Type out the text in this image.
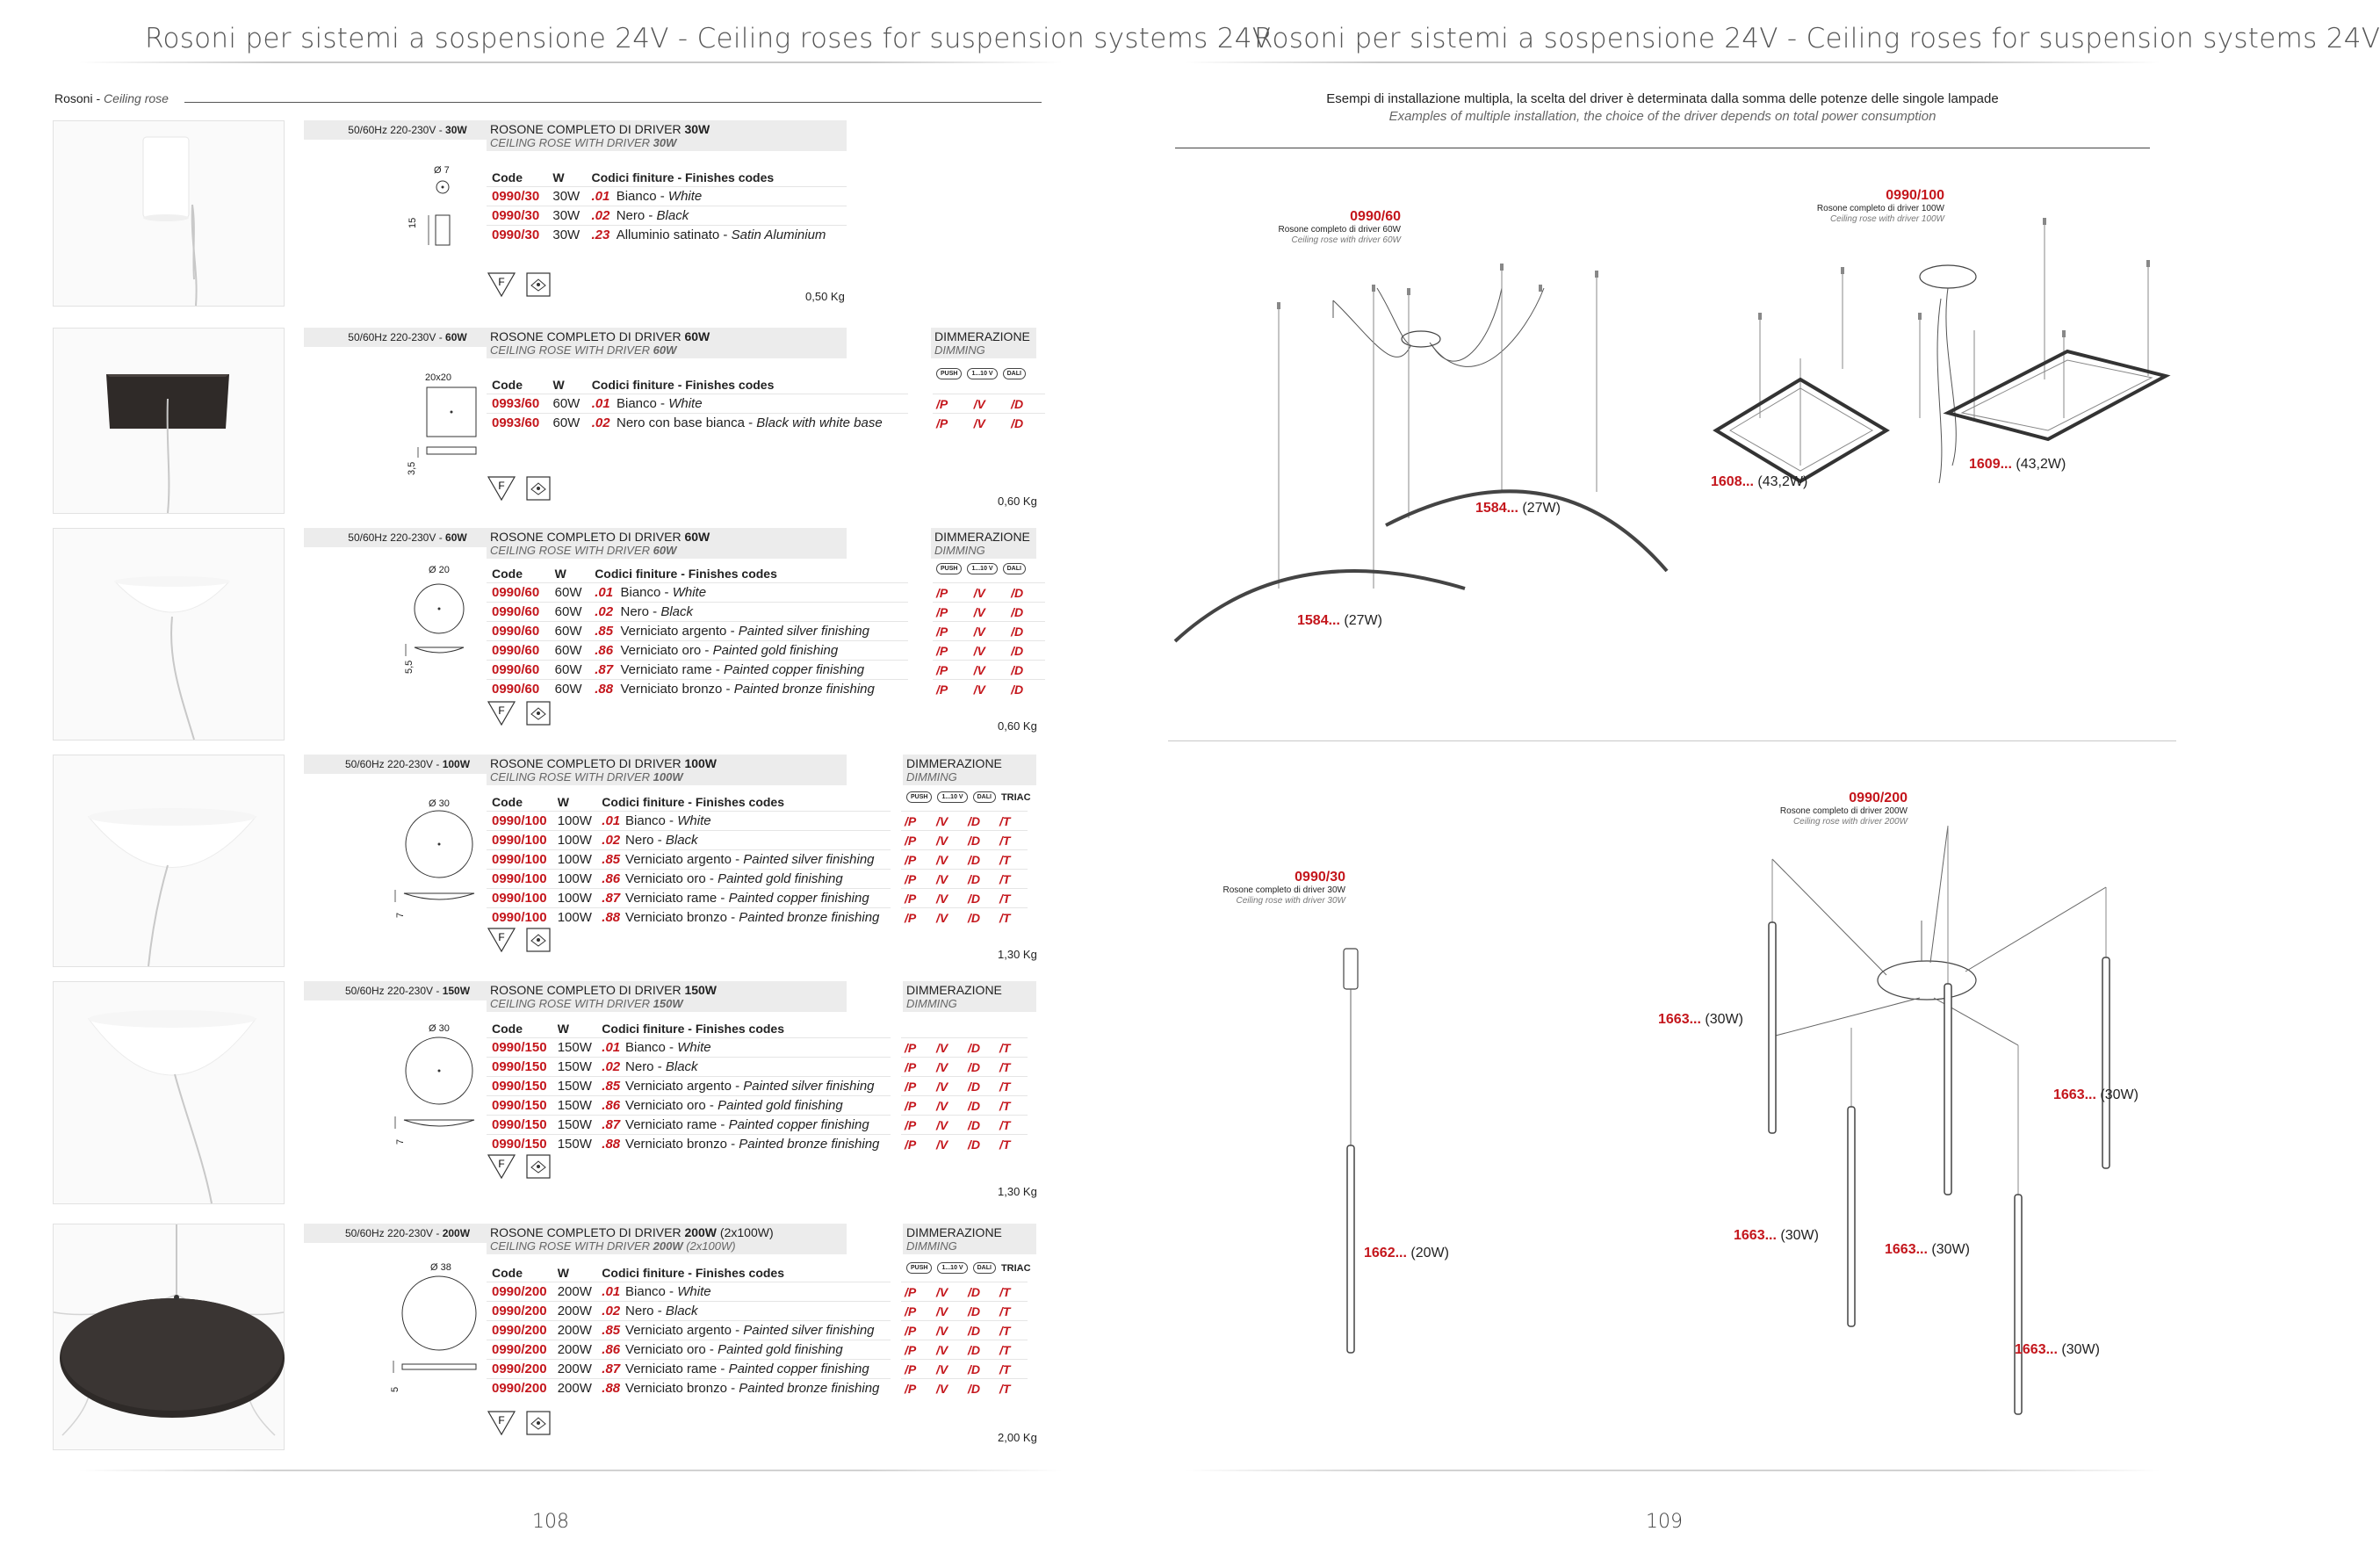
Rosoni per sistemi a sospensione 24V - Ceiling roses for suspension systems 24V
Rosoni - Ceiling rose
50/60Hz 220-230V - 30W
Ø 7
15
ROSONE COMPLETO DI DRIVER 30W
CEILING ROSE WITH DRIVER 30W
Code	W	Codici finiture - Finishes codes	
0990/30	30W	.01	Bianco - White
0990/30	30W	.02	Nero - Black
0990/30	30W	.23	Alluminio satinato - Satin Aluminium
F
0,50 Kg
50/60Hz 220-230V - 60W
20x20
3,5
ROSONE COMPLETO DI DRIVER 60W
CEILING ROSE WITH DRIVER 60W
DIMMERAZIONE
DIMMING
PUSH	1...10 V	DALI
Code	W	Codici finiture - Finishes codes	
0993/60	60W	.01	Bianco - White
0993/60	60W	.02	Nero con base bianca - Black with white base
/P	/V	/D
/P	/V	/D
F
0,60 Kg
50/60Hz 220-230V - 60W
Ø 20
5,5
ROSONE COMPLETO DI DRIVER 60W
CEILING ROSE WITH DRIVER 60W
DIMMERAZIONE
DIMMING
PUSH	1...10 V	DALI
Code	W	Codici finiture - Finishes codes	
0990/60	60W	.01	Bianco - White
0990/60	60W	.02	Nero - Black
0990/60	60W	.85	Verniciato argento - Painted silver finishing
0990/60	60W	.86	Verniciato oro - Painted gold finishing
0990/60	60W	.87	Verniciato rame - Painted copper finishing
0990/60	60W	.88	Verniciato bronzo - Painted bronze finishing
/P	/V	/D
/P	/V	/D
/P	/V	/D
/P	/V	/D
/P	/V	/D
/P	/V	/D
F
0,60 Kg
50/60Hz 220-230V - 100W
Ø 30
7
ROSONE COMPLETO DI DRIVER 100W
CEILING ROSE WITH DRIVER 100W
DIMMERAZIONE
DIMMING
PUSH	1...10 V	DALI	TRIAC
Code	W	Codici finiture - Finishes codes	
0990/100	100W	.01	Bianco - White
0990/100	100W	.02	Nero - Black
0990/100	100W	.85	Verniciato argento - Painted silver finishing
0990/100	100W	.86	Verniciato oro - Painted gold finishing
0990/100	100W	.87	Verniciato rame - Painted copper finishing
0990/100	100W	.88	Verniciato bronzo - Painted bronze finishing
/P	/V	/D	/T
/P	/V	/D	/T
/P	/V	/D	/T
/P	/V	/D	/T
/P	/V	/D	/T
/P	/V	/D	/T
F
1,30 Kg
50/60Hz 220-230V - 150W
Ø 30
7
ROSONE COMPLETO DI DRIVER 150W
CEILING ROSE WITH DRIVER 150W
DIMMERAZIONE
DIMMING
Code	W	Codici finiture - Finishes codes	
0990/150	150W	.01	Bianco - White
0990/150	150W	.02	Nero - Black
0990/150	150W	.85	Verniciato argento - Painted silver finishing
0990/150	150W	.86	Verniciato oro - Painted gold finishing
0990/150	150W	.87	Verniciato rame - Painted copper finishing
0990/150	150W	.88	Verniciato bronzo - Painted bronze finishing
/P	/V	/D	/T
/P	/V	/D	/T
/P	/V	/D	/T
/P	/V	/D	/T
/P	/V	/D	/T
/P	/V	/D	/T
F
1,30 Kg
50/60Hz 220-230V - 200W
Ø 38
5
ROSONE COMPLETO DI DRIVER 200W (2x100W)
CEILING ROSE WITH DRIVER 200W (2x100W)
DIMMERAZIONE
DIMMING
PUSH	1...10 V	DALI	TRIAC
Code	W	Codici finiture - Finishes codes	
0990/200	200W	.01	Bianco - White
0990/200	200W	.02	Nero - Black
0990/200	200W	.85	Verniciato argento - Painted silver finishing
0990/200	200W	.86	Verniciato oro - Painted gold finishing
0990/200	200W	.87	Verniciato rame - Painted copper finishing
0990/200	200W	.88	Verniciato bronzo - Painted bronze finishing
/P	/V	/D	/T
/P	/V	/D	/T
/P	/V	/D	/T
/P	/V	/D	/T
/P	/V	/D	/T
/P	/V	/D	/T
F
2,00 Kg
108
Rosoni per sistemi a sospensione 24V - Ceiling roses for suspension systems 24V
Esempi di installazione multipla, la scelta del driver è determinata dalla somma delle potenze delle singole lampade
Examples of multiple installation, the choice of the driver depends on total power consumption
0990/60
Rosone completo di driver 60W
Ceiling rose with driver 60W
0990/100
Rosone completo di driver 100W
Ceiling rose with driver 100W
1584... (27W)
1584... (27W)
1608... (43,2W)
1609... (43,2W)
0990/30
Rosone completo di driver 30W
Ceiling rose with driver 30W
0990/200
Rosone completo di driver 200W
Ceiling rose with driver 200W
1662... (20W)
1663... (30W)
1663... (30W)
1663... (30W)
1663... (30W)
1663... (30W)
109
